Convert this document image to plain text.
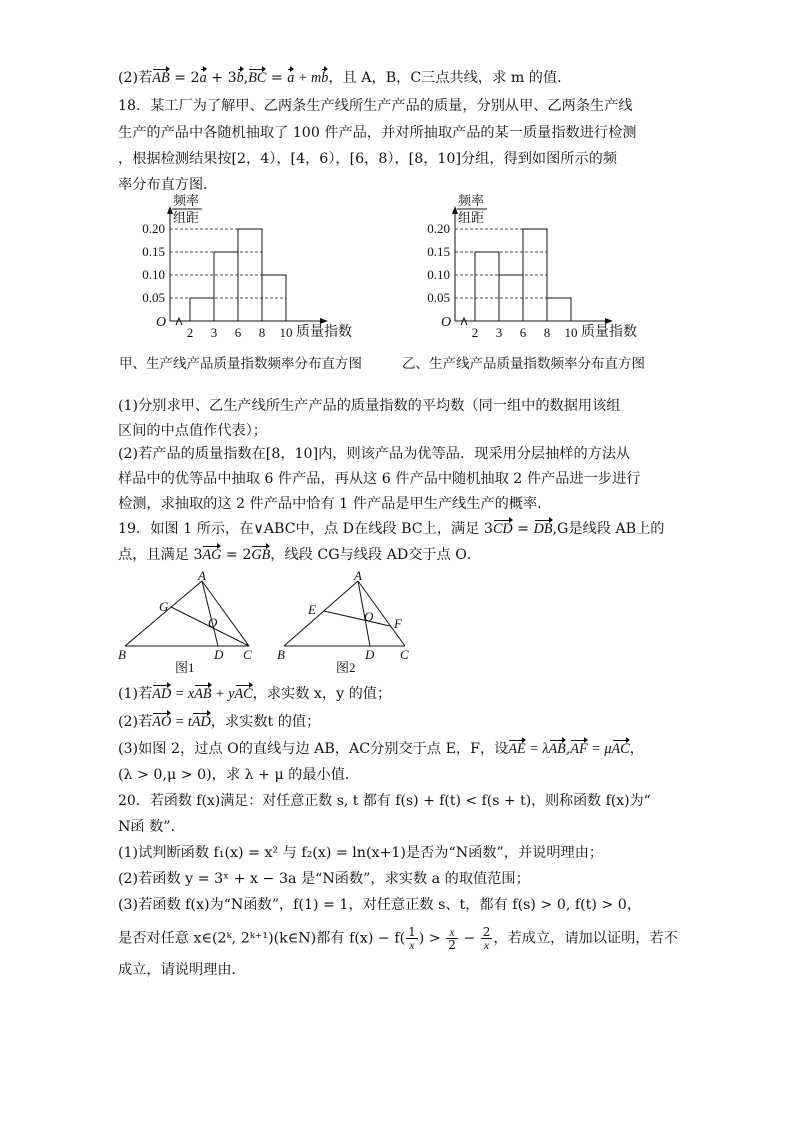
(2)若AB = 2a + 3b,BC = a + mb，且 A，B，C三点共线，求 m 的值．
18．某工厂为了解甲、乙两条生产线所生产产品的质量，分别从甲、乙两条生产线
生产的产品中各随机抽取了 100 件产品，并对所抽取产品的某一质量指数进行检测
，根据检测结果按[2，4），[4，6），[6，8），[8，10]分组，得到如图所示的频
率分布直方图．
O
频率
组距
0.20
0.15
0.10
0.05
2 3 6 8 10 质量指数
O
频率
组距
0.20
0.15
0.10
0.05
2 3 6 8 10 质量指数
甲、生产线产品质量指数频率分布直方图	乙、生产线产品质量指数频率分布直方图
(1)分别求甲、乙生产线所生产产品的质量指数的平均数（同一组中的数据用该组
区间的中点值作代表）；
(2)若产品的质量指数在[8，10]内，则该产品为优等品．现采用分层抽样的方法从
样品中的优等品中抽取 6 件产品，再从这 6 件产品中随机抽取 2 件产品进一步进行
检测，求抽取的这 2 件产品中恰有 1 件产品是甲生产线生产的概率．
19．如图 1 所示，在∨ABC中，点 D在线段 BC上，满足 3CD = DB,G是线段 AB上的
点，且满足 3AG = 2GB，线段 CG与线段 AD交于点 O．
A
B	C
D
G
O
图1
A
B	C
D
E
F
O
图2
(1)若AD = xAB + yAC，求实数 x，y 的值；
(2)若AO = tAD，求实数t 的值；
(3)如图 2，过点 O的直线与边 AB，AC分别交于点 E，F，设AE = λAB,AF = μAC，
(λ > 0,μ > 0)，求 λ + μ 的最小值．
20．若函数 f(x)满足：对任意正数 s, t 都有 f(s) + f(t) < f(s + t)，则称函数 f(x)为“
N函 数”．
(1)试判断函数 f₁(x) = x² 与 f₂(x) = ln(x+1)是否为“N函数”，并说明理由；
(2)若函数 y = 3ˣ + x − 3a 是“N函数”，求实数 a 的取值范围；
(3)若函数 f(x)为“N函数”，f(1) = 1，对任意正数 s、t，都有 f(s) > 0, f(t) > 0，
是否对任意 x∈(2ᵏ, 2ᵏ⁺¹)(k∈N)都有 $f(x) - f( \frac{1}{x}$ ) > $\frac{x}{2} - \frac{2}{x}$ ，若成立，请加以证明，若不
成立，请说明理由．
